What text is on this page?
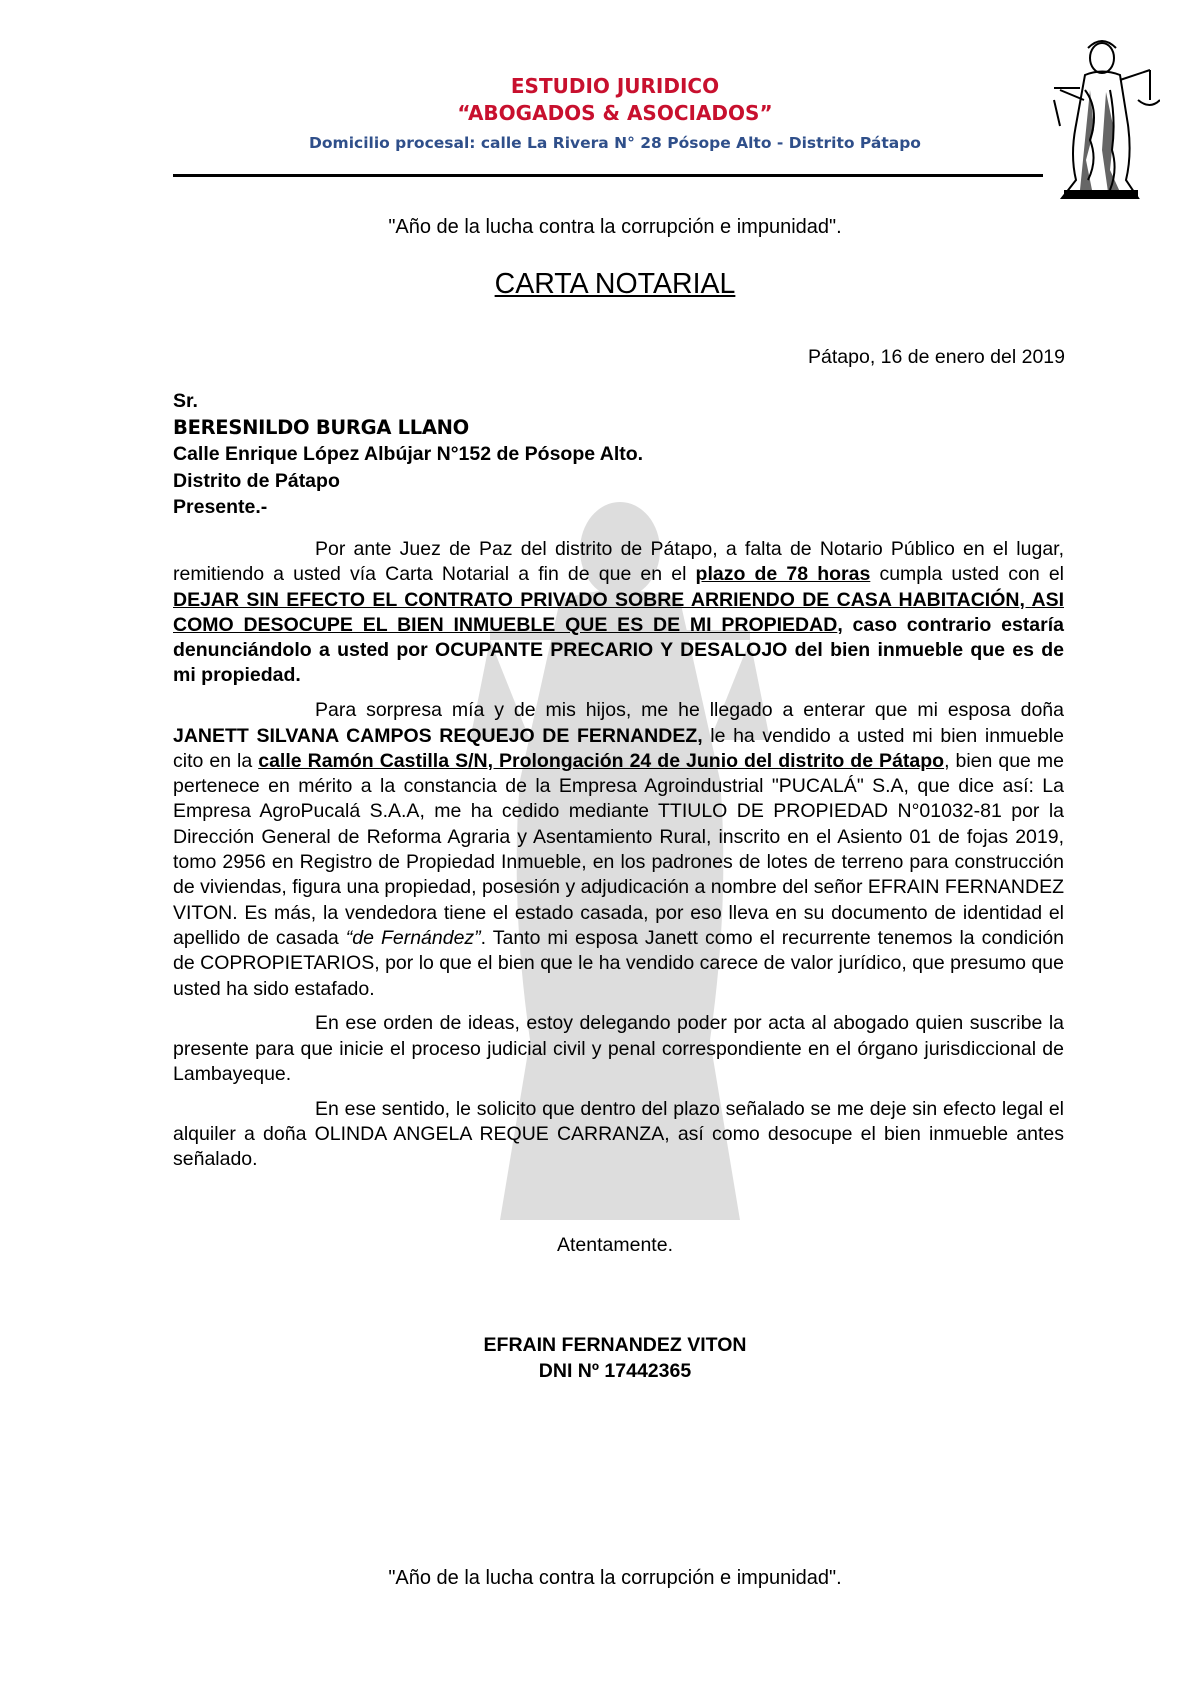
ESTUDIO JURIDICO
“ABOGADOS & ASOCIADOS”
Domicilio procesal: calle La Rivera N° 28 Pósope Alto - Distrito Pátapo
"Año de la lucha contra la corrupción e impunidad".
CARTA NOTARIAL
Pátapo, 16 de enero del 2019
Sr.
BERESNILDO BURGA LLANO
Calle Enrique López Albújar N°152 de Pósope Alto.
Distrito de Pátapo
Presente.-

Por ante Juez de Paz del distrito de Pátapo, a falta de Notario Público en el lugar, remitiendo a usted vía Carta Notarial a fin de que en el plazo de 78 horas cumpla usted con el DEJAR SIN EFECTO EL CONTRATO PRIVADO SOBRE ARRIENDO DE CASA HABITACIÓN, ASI COMO DESOCUPE EL BIEN INMUEBLE QUE ES DE MI PROPIEDAD, caso contrario estaría denunciándolo a usted por OCUPANTE PRECARIO Y DESALOJO del bien inmueble que es de mi propiedad.

Para sorpresa mía y de mis hijos, me he llegado a enterar que mi esposa doña JANETT SILVANA CAMPOS REQUEJO DE FERNANDEZ, le ha vendido a usted mi bien inmueble cito en la calle Ramón Castilla S/N, Prolongación 24 de Junio del distrito de Pátapo, bien que me pertenece en mérito a la constancia de la Empresa Agroindustrial "PUCALÁ" S.A, que dice así: La Empresa AgroPucalá S.A.A, me ha cedido mediante TTIULO DE PROPIEDAD N°01032-81 por la Dirección General de Reforma Agraria y Asentamiento Rural, inscrito en el Asiento 01 de fojas 2019, tomo 2956 en Registro de Propiedad Inmueble, en los padrones de lotes de terreno para construcción de viviendas, figura una propiedad, posesión y adjudicación a nombre del señor EFRAIN FERNANDEZ VITON. Es más, la vendedora tiene el estado casada, por eso lleva en su documento de identidad el apellido de casada “de Fernández”. Tanto mi esposa Janett como el recurrente tenemos la condición de COPROPIETARIOS, por lo que el bien que le ha vendido carece de valor jurídico, que presumo que usted ha sido estafado.

En ese orden de ideas, estoy delegando poder por acta al abogado quien suscribe la presente para que inicie el proceso judicial civil y penal correspondiente en el órgano jurisdiccional de Lambayeque.

En ese sentido, le solicito que dentro del plazo señalado se me deje sin efecto legal el alquiler a doña OLINDA ANGELA REQUE CARRANZA, así como desocupe el bien inmueble antes señalado.

Atentamente.
EFRAIN FERNANDEZ VITON
DNI Nº 17442365
"Año de la lucha contra la corrupción e impunidad".
